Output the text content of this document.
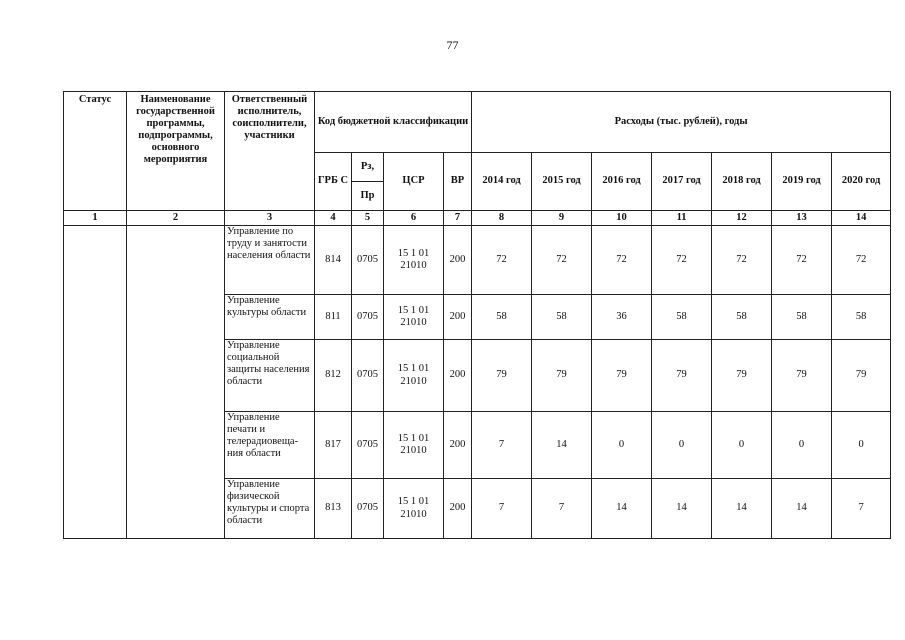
77
Статус	Наименование государственной программы, подпрограммы, основного мероприятия	Ответственный исполнитель, соисполнители, участники	Код бюджетной классификации				Расходы (тыс. рублей), годы						
			ГРБ С	Рз,	ЦСР	ВР	2014 год	2015 год	2016 год	2017 год	2018 год	2019 год	2020 год
				Пр									
1	2	3	4	5	6	7	8	9	10	11	12	13	14
		Управление по труду и занятости населения области	814	0705	15 1 01 21010	200	72	72	72	72	72	72	72
		Управление культуры области	811	0705	15 1 01 21010	200	58	58	36	58	58	58	58
		Управление социальной защиты населения области	812	0705	15 1 01 21010	200	79	79	79	79	79	79	79
		Управление печати и телерадиовеща-ния области	817	0705	15 1 01 21010	200	7	14	0	0	0	0	0
		Управление физической культуры и спорта области	813	0705	15 1 01 21010	200	7	7	14	14	14	14	7
